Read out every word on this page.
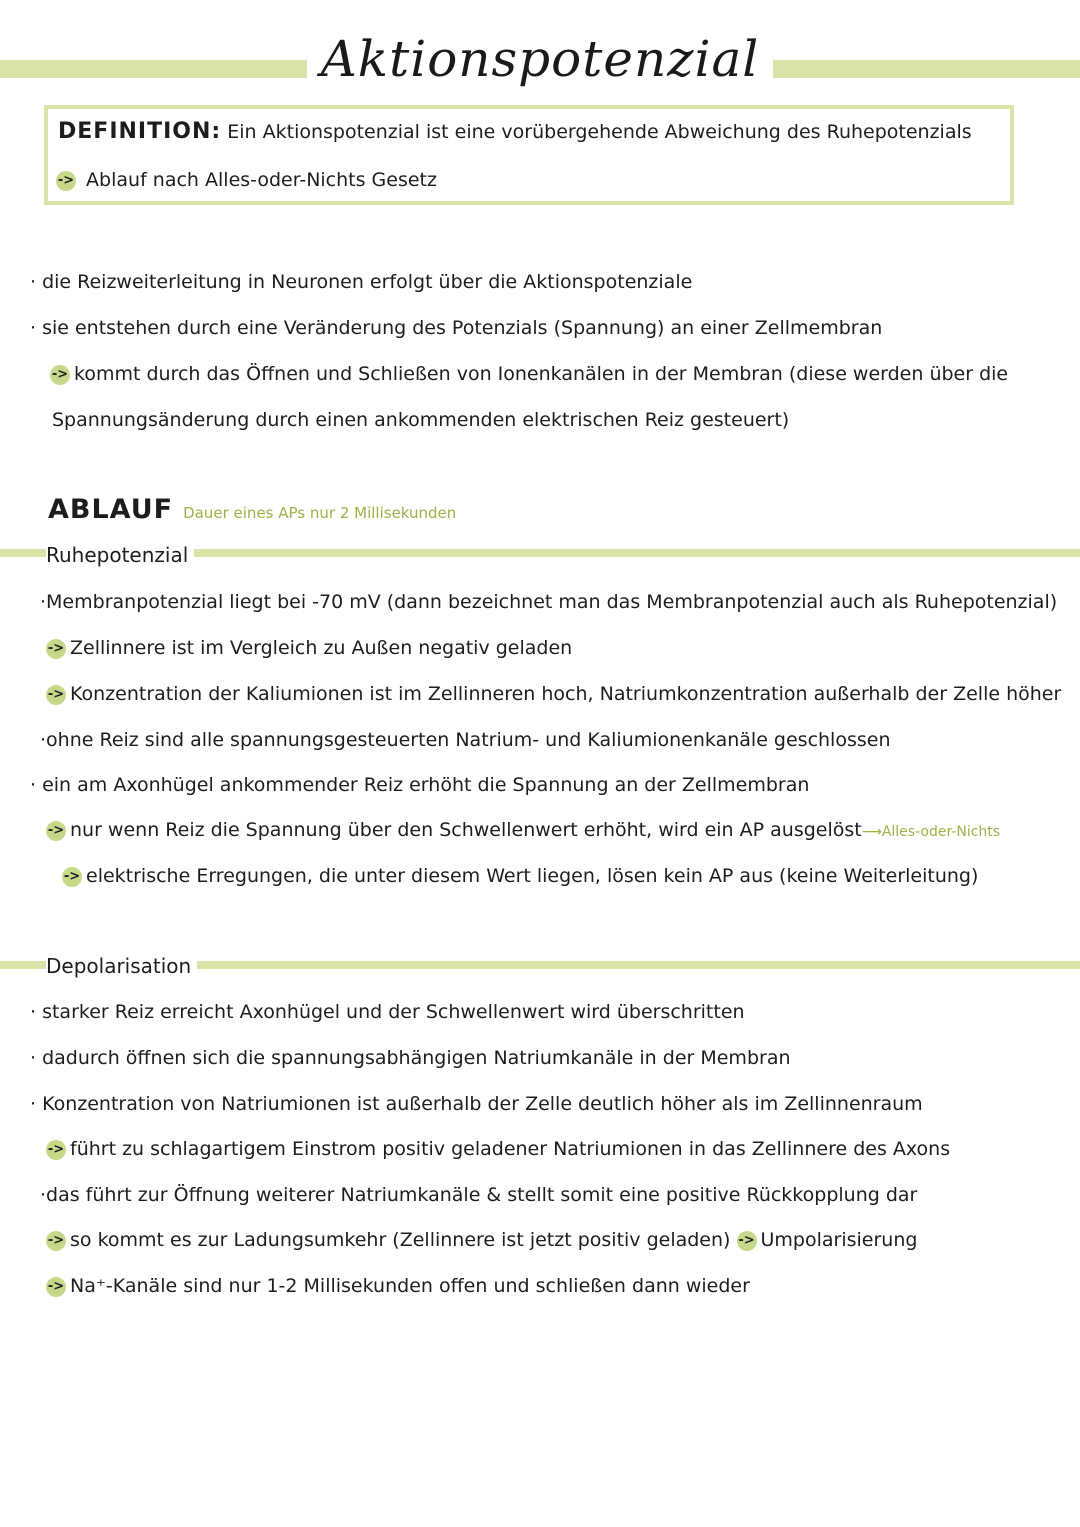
Aktionspotenzial
DEFINITION: Ein Aktionspotenzial ist eine vorübergehende Abweichung des Ruhepotenzials
-> Ablauf nach Alles-oder-Nichts Gesetz
· die Reizweiterleitung in Neuronen erfolgt über die Aktionspotenziale
· sie entstehen durch eine Veränderung des Potenzials (Spannung) an einer Zellmembran
-> kommt durch das Öffnen und Schließen von Ionenkanälen in der Membran (diese werden über die
Spannungsänderung durch einen ankommenden elektrischen Reiz gesteuert)
ABLAUF Dauer eines APs nur 2 Millisekunden
Ruhepotenzial
·Membranpotenzial liegt bei -70 mV (dann bezeichnet man das Membranpotenzial auch als Ruhepotenzial)
-> Zellinnere ist im Vergleich zu Außen negativ geladen
-> Konzentration der Kaliumionen ist im Zellinneren hoch, Natriumkonzentration außerhalb der Zelle höher
·ohne Reiz sind alle spannungsgesteuerten Natrium- und Kaliumionenkanäle geschlossen
· ein am Axonhügel ankommender Reiz erhöht die Spannung an der Zellmembran
-> nur wenn Reiz die Spannung über den Schwellenwert erhöht, wird ein AP ausgelöst⟶Alles-oder-Nichts
-> elektrische Erregungen, die unter diesem Wert liegen, lösen kein AP aus (keine Weiterleitung)
Depolarisation
· starker Reiz erreicht Axonhügel und der Schwellenwert wird überschritten
· dadurch öffnen sich die spannungsabhängigen Natriumkanäle in der Membran
· Konzentration von Natriumionen ist außerhalb der Zelle deutlich höher als im Zellinnenraum
-> führt zu schlagartigem Einstrom positiv geladener Natriumionen in das Zellinnere des Axons
·das führt zur Öffnung weiterer Natriumkanäle & stellt somit eine positive Rückkopplung dar
-> so kommt es zur Ladungsumkehr (Zellinnere ist jetzt positiv geladen) -> Umpolarisierung
-> Na⁺-Kanäle sind nur 1-2 Millisekunden offen und schließen dann wieder
